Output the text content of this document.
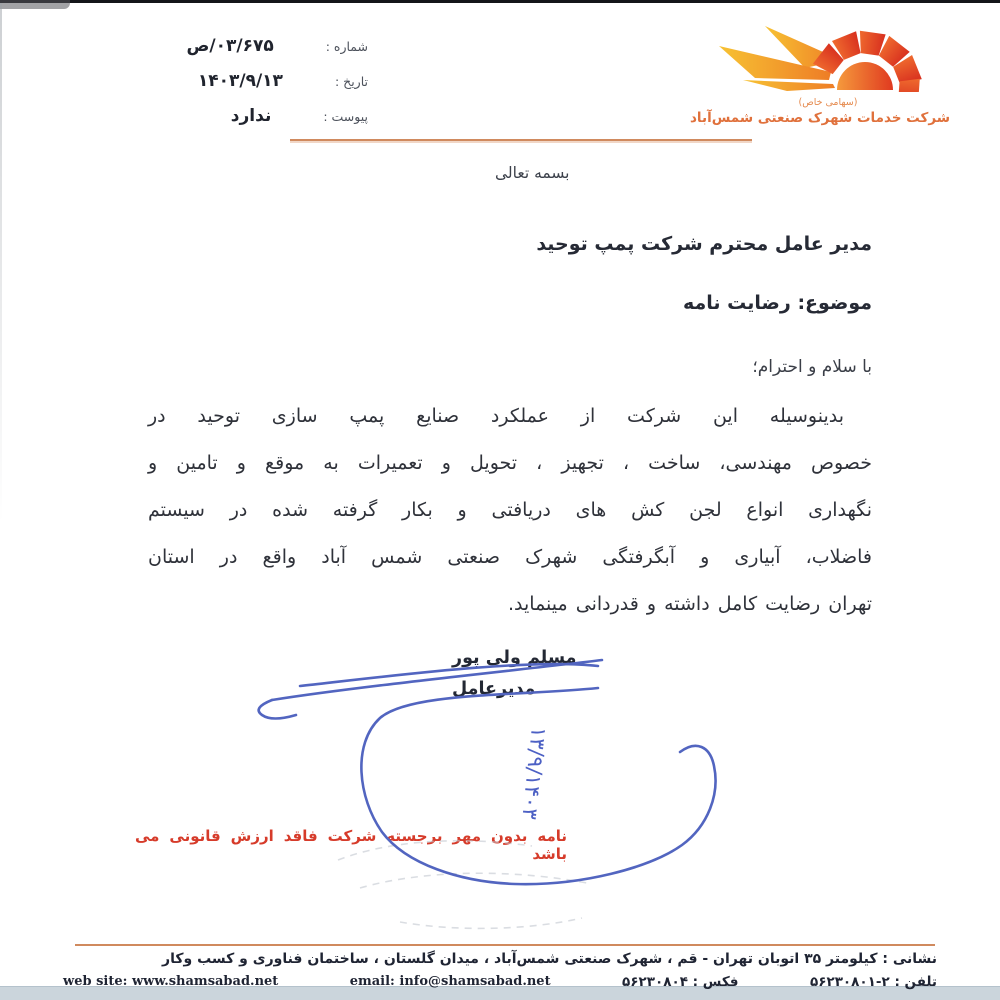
شماره :
۰۳/۶۷۵/ص
تاریخ :
۱۴۰۳/۹/۱۳
پیوست :
ندارد
(سهامی خاص)
شرکت خدمات شهرک صنعتی شمس‌آباد
بسمه تعالی
مدیر عامل محترم شرکت پمپ توحید
موضوع: رضایت نامه
با سلام و احترام؛
بدینوسیله این شرکت از عملکرد صنایع پمپ سازی توحید در
خصوص مهندسی، ساخت ، تجهیز ، تحویل و تعمیرات به موقع و تامین و
نگهداری انواع لجن کش های دریافتی و بکار گرفته شده در سیستم
فاضلاب، آبیاری و آبگرفتگی شهرک صنعتی شمس آباد واقع در استان
تهران رضایت کامل داشته و قدردانی مینماید.
مسلم ولی پور
مدیرعامل
نامه بدون مهر برجسته شرکت فاقد ارزش قانونی می باشد
۱۳/۹/۱۴۰۳
نشانی : کیلومتر ۳۵ اتوبان تهران - قم ، شهرک صنعتی شمس‌آباد ، میدان گلستان ، ساختمان فناوری و کسب وکار
تلفن : ۲-۵۶۲۳۰۸۰۱
فکس : ۵۶۲۳۰۸۰۴
email: info@shamsabad.net
web site: www.shamsabad.net
